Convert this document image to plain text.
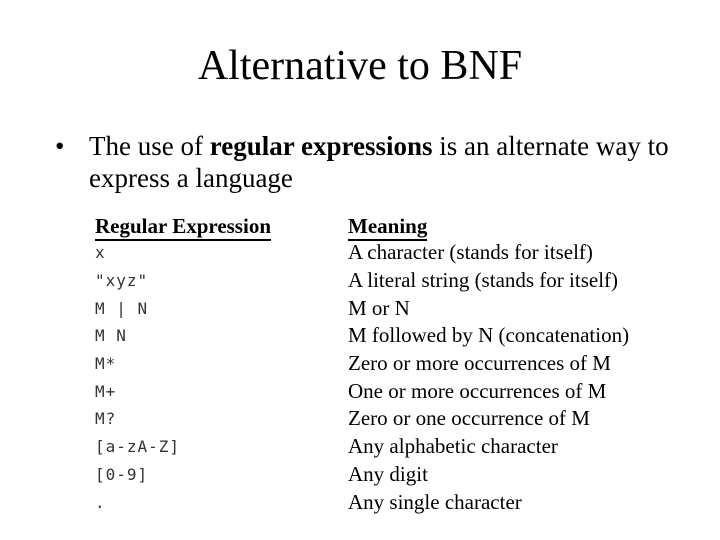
Alternative to BNF
• The use of regular expressions is an alternate way to express a language
Regular Expression	Meaning
x	A character (stands for itself)
"xyz"	A literal string (stands for itself)
M | N	M or N
M N	M followed by N (concatenation)
M*	Zero or more occurrences of M
M+	One or more occurrences of M
M?	Zero or one occurrence of M
[a-zA-Z]	Any alphabetic character
[0-9]	Any digit
.	Any single character
